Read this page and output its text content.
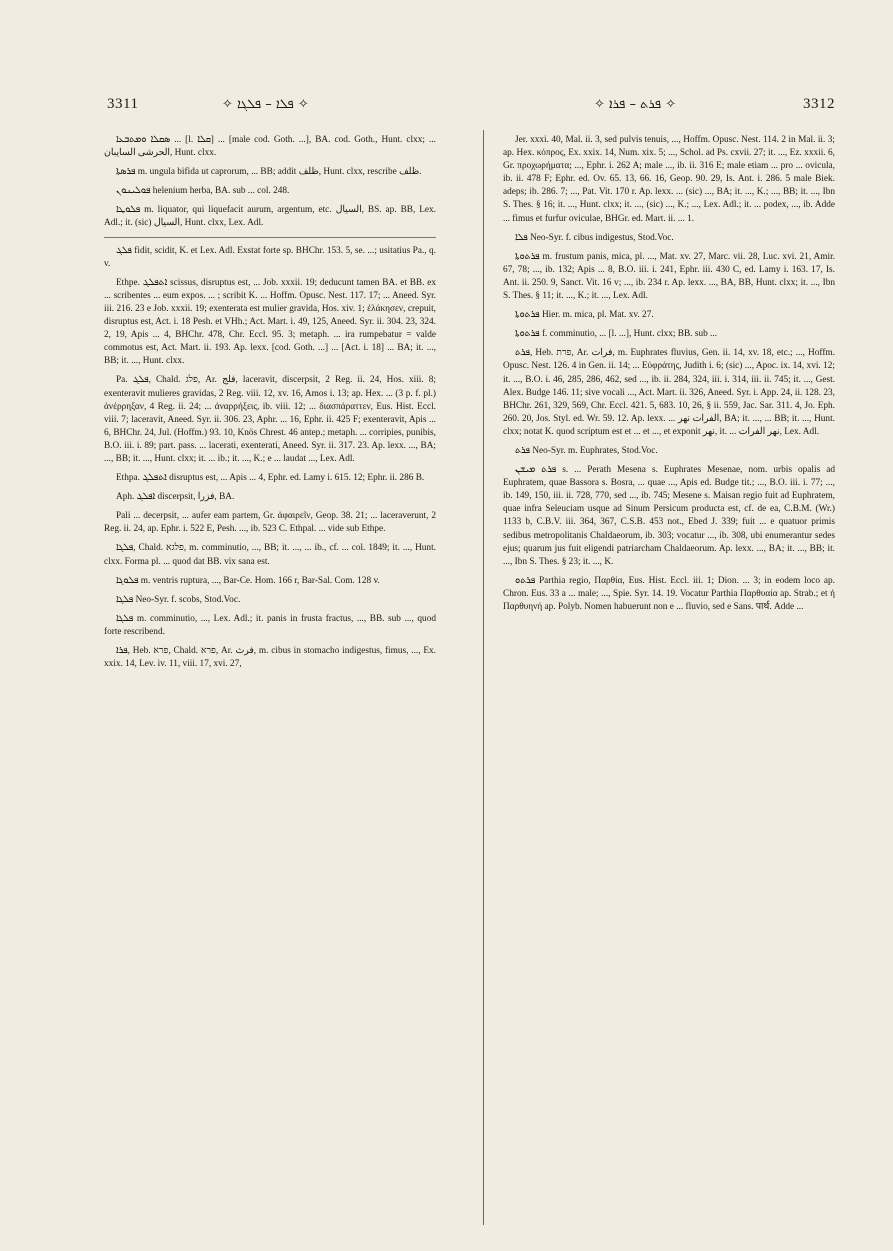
3311	✧ ܦܠܐ – ܦܠܓܐ ✧	✧ ܦܪܬ – ܦܪܐ ✧	3312

ܣܩܠܐ ܘܡܬܒܥܐ ... [l. ܩܠܐ] ... [male cod. Goth. ...], BA. cod. Goth., Hunt. clxx; ... الحرشى السايبان, Hunt. clxx.

ܦܪܣܬܐ m. ungula bifida ut caprorum, ... BB; addit ظلف, Hunt. clxx, rescribe ظلف.

ܦܘܠܝܢܘܢ helenium herba, BA. sub ... col. 248.

ܦܠܘܛܐ m. liquator, qui liquefacit aurum, argentum, etc. السيال, BS. ap. BB, Lex. Adl.; it. (sic) السيال, Hunt. clxx, Lex. Adl.

ܦܠܓ fidit, scidit, K. et Lex. Adl. Exstat forte sp. BHChr. 153. 5, se. ...; usitatius Pa., q. v.

Ethpe. ܐܬܦܠܓ scissus, disruptus est, ... Job. xxxii. 19; deducunt tamen BA. et BB. ex ... scribentes ... eum expos. ... ; scribit K. ... Hoffm. Opusc. Nest. 117. 17; ... Aneed. Syr. iii. 216. 23 e Job. xxxii. 19; exenterata est mulier gravida, Hos. xiv. 1; ἐλάκησεν, crepuit, disruptus est, Act. i. 18 Pesh. et VHh.; Act. Mart. i. 49, 125, Aneed. Syr. ii. 304. 23, 324. 2, 19, Apis ... 4, BHChr. 478, Chr. Eccl. 95. 3; metaph. ... ira rumpebatur = valde commotus est, Act. Mart. ii. 193. Ap. lexx. [cod. Goth. ...] ... [Act. i. 18] ... BA; it. ..., BB; it. ..., Hunt. clxx.

Pa. ܦܠܓ, Chald. פלג, Ar. فلج, laceravit, discerpsit, 2 Reg. ii. 24, Hos. xiii. 8; exenteravit mulieres gravidas, 2 Reg. viii. 12, xv. 16, Amos i. 13; ap. Hex. ... (3 p. f. pl.) ἀνέρρηξαν, 4 Reg. ii. 24; ... ἀναρρήξεις, ib. viii. 12; ... διασπάραττεν, Eus. Hist. Eccl. viii. 7; laceravit, Aneed. Syr. ii. 306. 23, Aphr. ... 16, Ephr. ii. 425 F; exenteravit, Apis ... 6, BHChr. 24, Jul. (Hoffm.) 93. 10, Knös Chrest. 46 antep.; metaph. ... corripies, punibis, B.O. iii. i. 89; part. pass. ... lacerati, exenterati, Aneed. Syr. ii. 317. 23. Ap. lexx. ..., BA; ..., BB; it. ..., Hunt. clxx; it. ... ib.; it. ..., K.; e ... laudat ..., Lex. Adl.

Ethpa. ܐܬܦܠܓ disruptus est, ... Apis ... 4, Ephr. ed. Lamy i. 615. 12; Ephr. ii. 286 B.

Aph. ܐܦܠܓ discerpsit, فزرا, BA.

Pali ... decerpsit, ... aufer eam partem, Gr. ἀφαιρεῖν, Geop. 38. 21; ... laceraverunt, 2 Reg. ii. 24, ap. Ephr. i. 522 E, Pesh. ..., ib. 523 C. Ethpal. ... vide sub Ethpe.

ܦܠܓܐ, Chald. פלגא, m. comminutio, ..., BB; it. ..., ... ib., cf. ... col. 1849; it. ..., Hunt. clxx. Forma pl. ... quod dat BB. vix sana est.

ܦܠܘܓܐ m. ventris ruptura, ..., Bar-Ce. Hom. 166 r, Bar-Sal. Com. 128 v.

ܦܠܓܐ Neo-Syr. f. scobs, Stod.Voc.

ܦܠܓܐ m. comminutio, ..., Lex. Adl.; it. panis in frusta fractus, ..., BB. sub ..., quod forte rescribend.

ܦܪܐ, Heb. פרא, Chald. פרא, Ar. فرث, m. cibus in stomacho indigestus, fimus, ..., Ex. xxix. 14, Lev. iv. 11, viii. 17, xvi. 27,

Jer. xxxi. 40, Mal. ii. 3, sed pulvis tenuis, ..., Hoffm. Opusc. Nest. 114. 2 in Mal. ii. 3; ap. Hex. κόπρος, Ex. xxix. 14, Num. xix. 5; ..., Schol. ad Ps. cxvii. 27; it. ..., Ez. xxxii. 6, Gr. προχωρήματα; ..., Ephr. i. 262 A; male ..., ib. ii. 316 E; male etiam ... pro ... ovicula, ib. ii. 478 F; Ephr. ed. Ov. 65. 13, 66. 16, Geop. 90. 29, Is. Ant. i. 286. 5 male Biek. adeps; ib. 286. 7; ..., Pat. Vit. 170 r. Ap. lexx. ... (sic) ..., BA; it. ..., K.; ..., BB; it. ..., Ibn S. Thes. § 16; it. ..., Hunt. clxx; it. ..., (sic) ..., K.; ..., Lex. Adl.; it. ... podex, ..., ib. Adde ... fimus et furfur oviculae, BHGr. ed. Mart. ii. ... 1.

ܦܠܐ Neo-Syr. f. cibus indigestus, Stod.Voc.

ܦܪܬܘܬܐ m. frustum panis, mica, pl. ..., Mat. xv. 27, Marc. vii. 28, Luc. xvi. 21, Amir. 67, 78; ..., ib. 132; Apis ... 8, B.O. iii. i. 241, Ephr. iii. 430 C, ed. Lamy i. 163. 17, Is. Ant. ii. 250. 9, Sanct. Vit. 16 v; ..., ib. 234 r. Ap. lexx. ..., BA, BB, Hunt. clxx; it. ..., Ibn S. Thes. § 11; it. ..., K.; it. ..., Lex. Adl.

ܦܪܬܘܬܐ Hier. m. mica, pl. Mat. xv. 27.

ܦܪܬܘܬܐ f. comminutio, ... [l. ...], Hunt. clxx; BB. sub ...

ܦܪܬ, Heb. פרת, Ar. فرات, m. Euphrates fluvius, Gen. ii. 14, xv. 18, etc.; ..., Hoffm. Opusc. Nest. 126. 4 in Gen. ii. 14; ... Εὐφράτης, Judith i. 6; (sic) ..., Apoc. ix. 14, xvi. 12; it. ..., B.O. i. 46, 285, 286, 462, sed ..., ib. ii. 284, 324, iii. i. 314, iii. ii. 745; it. ..., Gest. Alex. Budge 146. 11; sive vocali ..., Act. Mart. ii. 326, Aneed. Syr. i. App. 24, ii. 128. 23, BHChr. 261, 329, 569, Chr. Eccl. 421. 5, 683. 10, 26, § ii. 559, Jac. Sar. 311. 4, Jo. Eph. 260. 20, Jos. Styl. ed. Wr. 59. 12. Ap. lexx. ... الفرات نهر, BA; it. ..., ... BB; it. ..., Hunt. clxx; notat K. quod scriptum est et ... et ..., et exponit نهر, it. ... نهر الفرات, Lex. Adl.

ܦܪܬ Neo-Syr. m. Euphrates, Stod.Voc.

ܦܪܬ ܡܝܫܢ s. ... Perath Mesena s. Euphrates Mesenae, nom. urbis opalis ad Euphratem, quae Bassora s. Bosra, ... quae ..., Apis ed. Budge tit.; ..., B.O. iii. i. 77; ..., ib. 149, 150, iii. ii. 728, 770, sed ..., ib. 745; Mesene s. Maisan regio fuit ad Euphratem, quae infra Seleuciam usque ad Sinum Persicum producta est, cf. de ea, C.B.M. (Wr.) 1133 b, C.B.V. iii. 364, 367, C.S.B. 453 not., Ebed J. 339; fuit ... e quatuor primis sedibus metropolitanis Chaldaeorum, ib. 303; vocatur ..., ib. 308, ubi enumerantur sedes ejus; quarum jus fuit eligendi patriarcham Chaldaeorum. Ap. lexx. ..., BA; it. ..., BB; it. ..., Ibn S. Thes. § 23; it. ..., K.

ܦܪܬܘ Parthia regio, Παρθία, Eus. Hist. Eccl. iii. 1; Dion. ... 3; in eodem loco ap. Chron. Eus. 33 a ... male; ..., Spie. Syr. 14. 19. Vocatur Parthia Παρθυαία ap. Strab.; et ἡ Παρθυηνή ap. Polyb. Nomen habuerunt non e ... fluvio, sed e Sans. पार्थ. Adde ...
